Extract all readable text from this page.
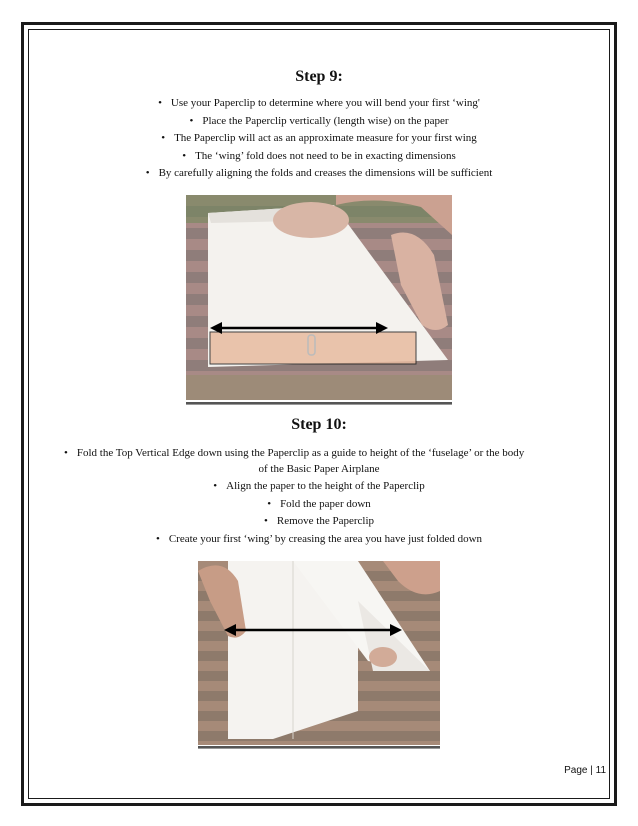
Step 9:
• Use your Paperclip to determine where you will bend your first ‘wing'
• Place the Paperclip vertically (length wise) on the paper
• The Paperclip will act as an approximate measure for your first wing
• The ‘wing’ fold does not need to be in exacting dimensions
• By carefully aligning the folds and creases the dimensions will be sufficient
Step 10:
• Fold the Top Vertical Edge down using the Paperclip as a guide to height of the ‘fuselage’ or the body
of the Basic Paper Airplane
• Align the paper to the height of the Paperclip
• Fold the paper down
• Remove the Paperclip
• Create your first ‘wing’ by creasing the area you have just folded down
Page | 11
